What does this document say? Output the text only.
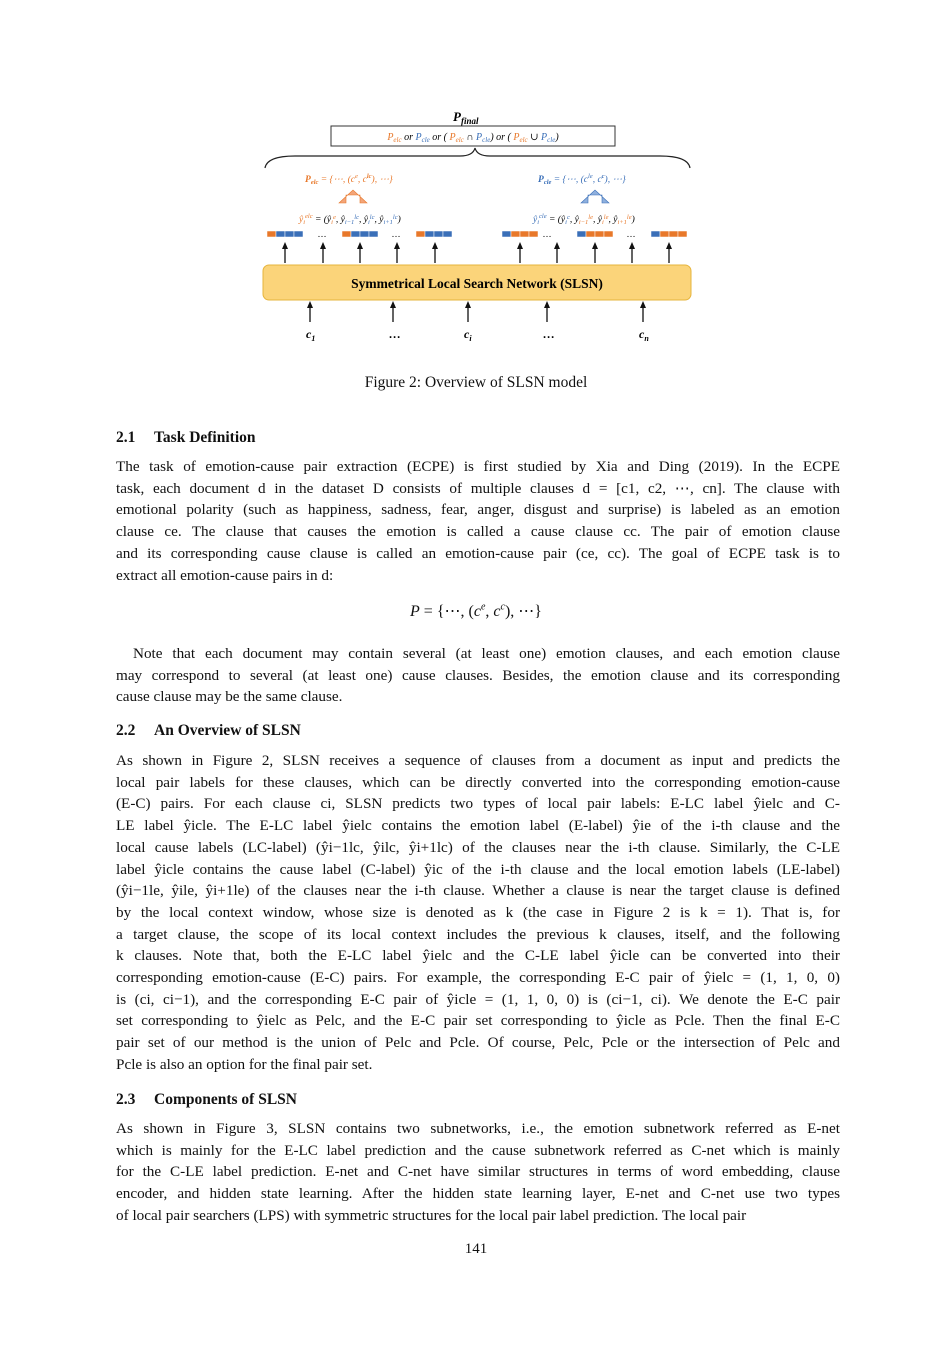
$P_{final}$
$P_{elc}$ or $P_{cle}$ or ( $P_{elc}$ ∩ $P_{cle}$) or ( $P_{elc}$ ∪ $P_{cle}$)
$P_{elc}$ = {⋯, ($c^e$, $c^{lc}$), ⋯}	$P_{cle}$ = {⋯, ($c^{le}$, $c^c$), ⋯}
$ŷ_i^{elc}$ = ($ŷ_i^e$, $ŷ_{i-1}^{lc}$, $ŷ_i^{lc}$, $ŷ_{i+1}^{lc}$)	$ŷ_i^{cle}$ = ($ŷ_i^c$, $ŷ_{i-1}^{le}$, $ŷ_i^{le}$, $ŷ_{i+1}^{le}$)
…	…	…	…
Symmetrical Local Search Network (SLSN)
$c_1$	…	$c_i$	…	$c_n$
Figure 2: Overview of SLSN model
2.1 Task Definition
The task of emotion-cause pair extraction (ECPE) is first studied by Xia and Ding (2019). In the ECPE
task, each document d in the dataset D consists of multiple clauses d = [c1, c2, ⋯, cn]. The clause with
emotional polarity (such as happiness, sadness, fear, anger, disgust and surprise) is labeled as an emotion
clause ce. The clause that causes the emotion is called a cause clause cc. The pair of emotion clause
and its corresponding cause clause is called an emotion-cause pair (ce, cc). The goal of ECPE task is to
extract all emotion-cause pairs in d:
P = {⋯, ($c^e$, $c^c$), ⋯}
Note that each document may contain several (at least one) emotion clauses, and each emotion clause
may correspond to several (at least one) cause clauses. Besides, the emotion clause and its corresponding
cause clause may be the same clause.
2.2 An Overview of SLSN
As shown in Figure 2, SLSN receives a sequence of clauses from a document as input and predicts the
local pair labels for these clauses, which can be directly converted into the corresponding emotion-cause
(E-C) pairs. For each clause ci, SLSN predicts two types of local pair labels: E-LC label ŷielc and C-
LE label ŷicle. The E-LC label ŷielc contains the emotion label (E-label) ŷie of the i-th clause and the
local cause labels (LC-label) (ŷi−1lc, ŷilc, ŷi+1lc) of the clauses near the i-th clause. Similarly, the C-LE
label ŷicle contains the cause label (C-label) ŷic of the i-th clause and the local emotion labels (LE-label)
(ŷi−1le, ŷile, ŷi+1le) of the clauses near the i-th clause. Whether a clause is near the target clause is defined
by the local context window, whose size is denoted as k (the case in Figure 2 is k = 1). That is, for
a target clause, the scope of its local context includes the previous k clauses, itself, and the following
k clauses. Note that, both the E-LC label ŷielc and the C-LE label ŷicle can be converted into their
corresponding emotion-cause (E-C) pairs. For example, the corresponding E-C pair of ŷielc = (1, 1, 0, 0)
is (ci, ci−1), and the corresponding E-C pair of ŷicle = (1, 1, 0, 0) is (ci−1, ci). We denote the E-C pair
set corresponding to ŷielc as Pelc, and the E-C pair set corresponding to ŷicle as Pcle. Then the final E-C
pair set of our method is the union of Pelc and Pcle. Of course, Pelc, Pcle or the intersection of Pelc and
Pcle is also an option for the final pair set.
2.3 Components of SLSN
As shown in Figure 3, SLSN contains two subnetworks, i.e., the emotion subnetwork referred as E-net
which is mainly for the E-LC label prediction and the cause subnetwork referred as C-net which is mainly
for the C-LE label prediction. E-net and C-net have similar structures in terms of word embedding, clause
encoder, and hidden state learning. After the hidden state learning layer, E-net and C-net use two types
of local pair searchers (LPS) with symmetric structures for the local pair label prediction. The local pair
141
